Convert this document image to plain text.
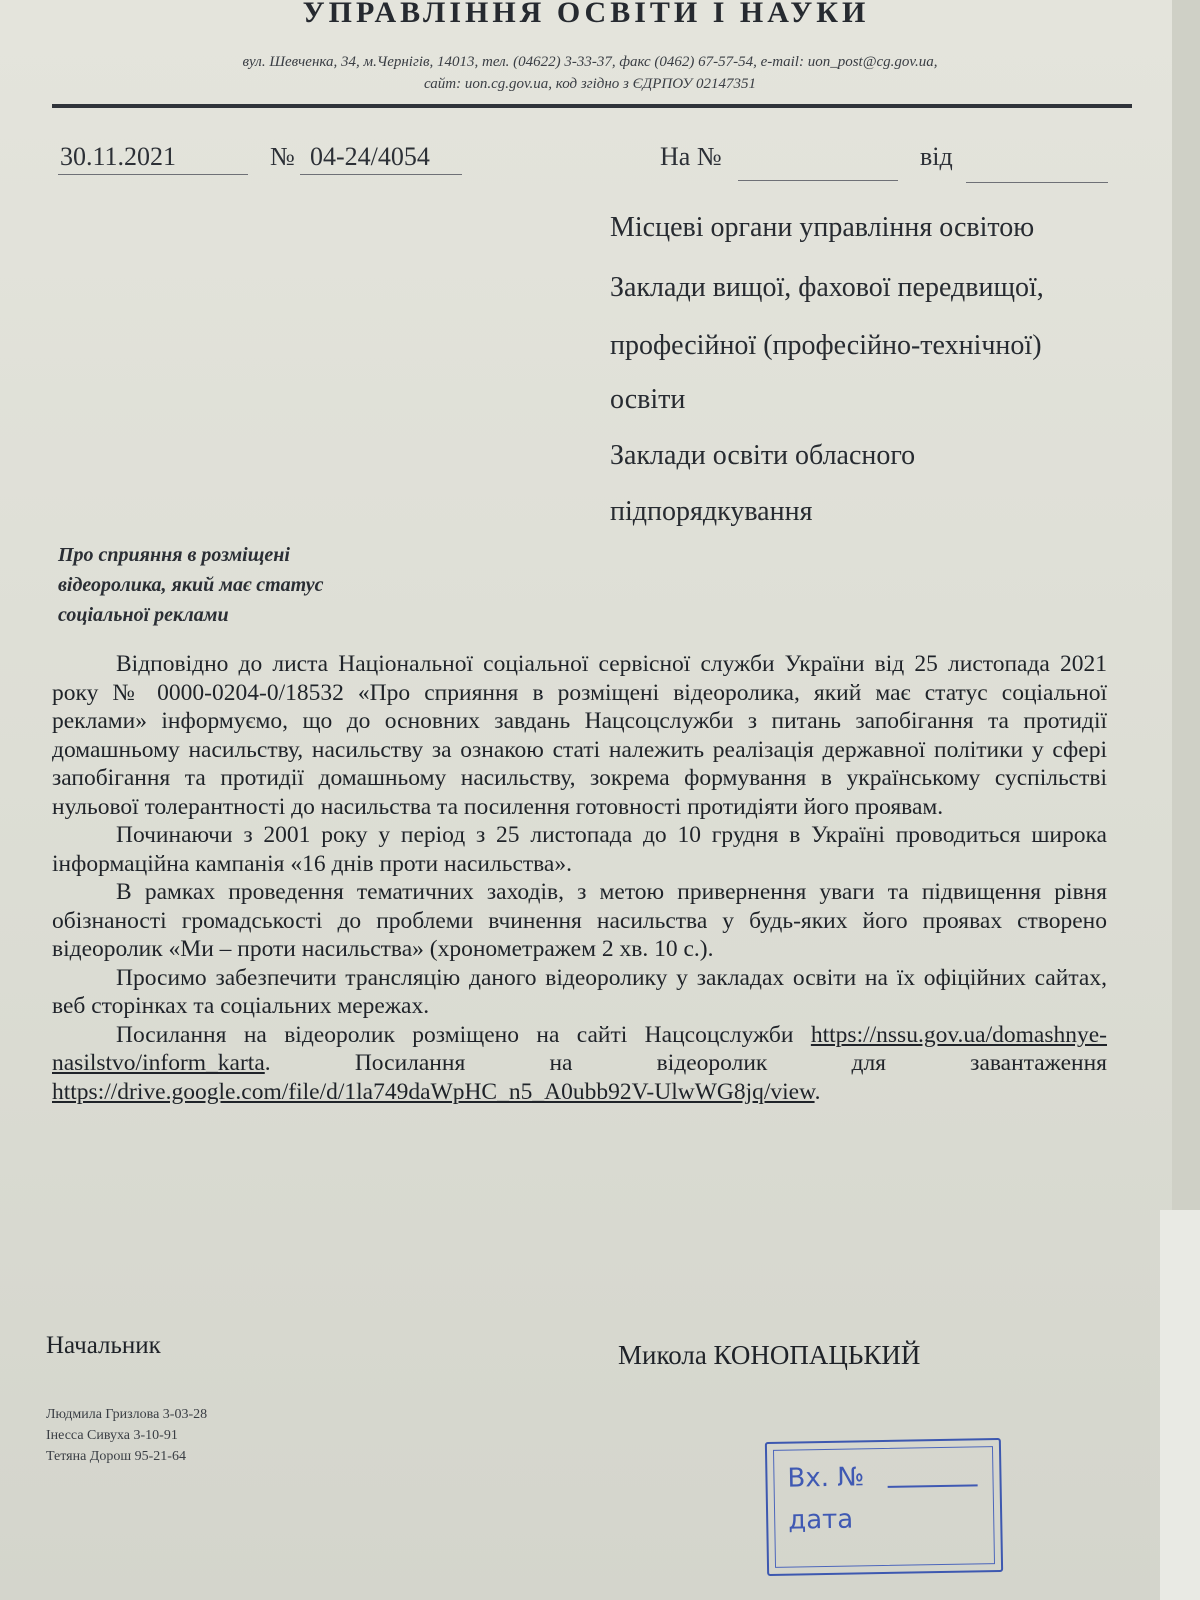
УПРАВЛІННЯ ОСВІТИ І НАУКИ
вул. Шевченка, 34, м.Чернігів, 14013, тел. (04622) 3-33-37, факс (0462) 67-57-54, e-mail: uon_post@cg.gov.ua,
сайт: uon.cg.gov.ua, код згідно з ЄДРПОУ 02147351
30.11.2021	№ 04-24/4054	На №	від
Місцеві органи управління освітою
Заклади вищої, фахової передвищої,
професійної (професійно-технічної)
освіти
Заклади освіти обласного
підпорядкування
Про сприяння в розміщені
відеоролика, який має статус
соціальної реклами

Відповідно до листа Національної соціальної сервісної служби України від 25 листопада 2021 року № 0000-0204-0/18532 «Про сприяння в розміщені відеоролика, який має статус соціальної реклами» інформуємо, що до основних завдань Нацсоцслужби з питань запобігання та протидії домашньому насильству, насильству за ознакою статі належить реалізація державної політики у сфері запобігання та протидії домашньому насильству, зокрема формування в українському суспільстві нульової толерантності до насильства та посилення готовності протидіяти його проявам.

Починаючи з 2001 року у період з 25 листопада до 10 грудня в Україні проводиться широка інформаційна кампанія «16 днів проти насильства».

В рамках проведення тематичних заходів, з метою привернення уваги та підвищення рівня обізнаності громадськості до проблеми вчинення насильства у будь-яких його проявах створено відеоролик «Ми – проти насильства» (хронометражем 2 хв. 10 с.).

Просимо забезпечити трансляцію даного відеоролику у закладах освіти на їх офіційних сайтах, веб сторінках та соціальних мережах.

Посилання на відеоролик розміщено на сайті Нацсоцслужби https://nssu.gov.ua/domashnye-nasilstvo/inform_karta. Посилання на відеоролик для завантаження https://drive.google.com/file/d/1la749daWpHC_n5_A0ubb92V-UlwWG8jq/view.

Начальник	Микола КОНОПАЦЬКИЙ
Людмила Гризлова 3-03-28
Інесса Сивуха 3-10-91
Тетяна Дорош 95-21-64
Вх. №
дата
